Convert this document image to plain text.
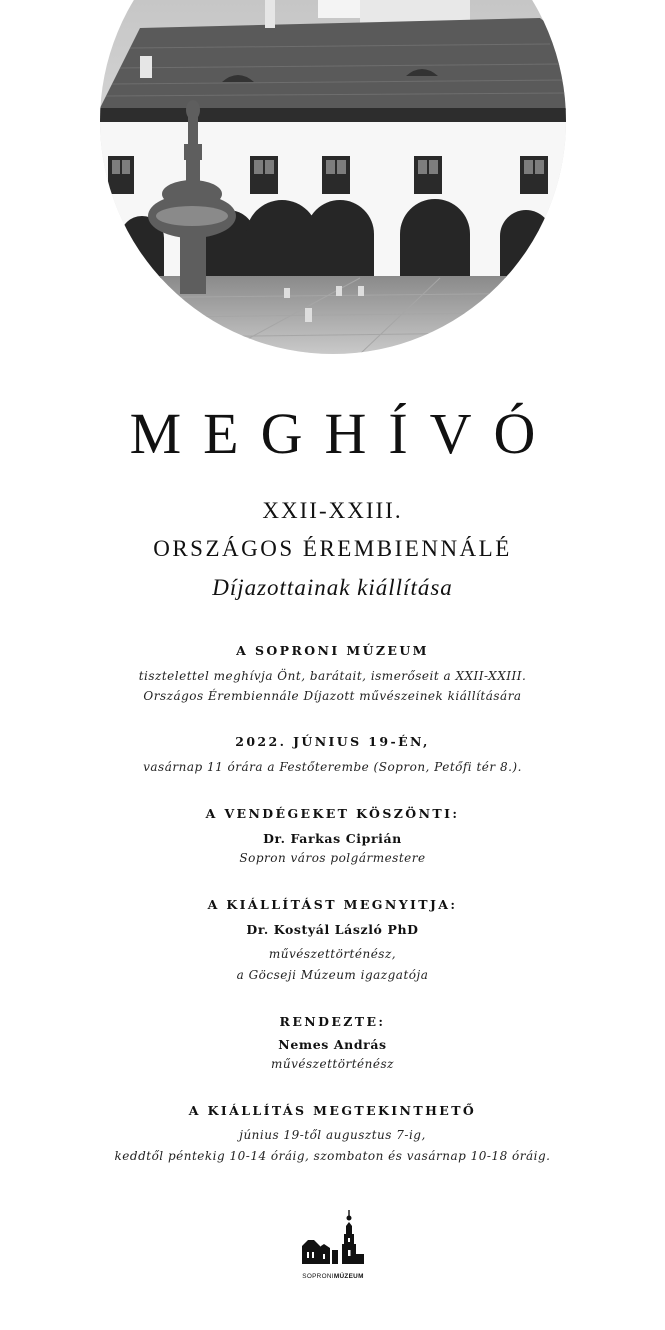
MEGHÍVÓ
XXII-XXIII.
ORSZÁGOS ÉREMBIENNÁLÉ
Díjazottainak kiállítása
A SOPRONI MÚZEUM
tisztelettel meghívja Önt, barátait, ismerőseit a XXII-XXIII.
Országos Érembiennále Díjazott művészeinek kiállítására
2022. JÚNIUS 19-ÉN,
vasárnap 11 órára a Festőterembe (Sopron, Petőfi tér 8.).
A VENDÉGEKET KÖSZÖNTI:
Dr. Farkas Ciprián
Sopron város polgármestere
A KIÁLLÍTÁST MEGNYITJA:
Dr. Kostyál László PhD
művészettörténész,
a Göcseji Múzeum igazgatója
RENDEZTE:
Nemes András
művészettörténész
A KIÁLLÍTÁS MEGTEKINTHETŐ
június 19-től augusztus 7-ig,
keddtől péntekig 10-14 óráig, szombaton és vasárnap 10-18 óráig.
SOPRONIMÚZEUM
